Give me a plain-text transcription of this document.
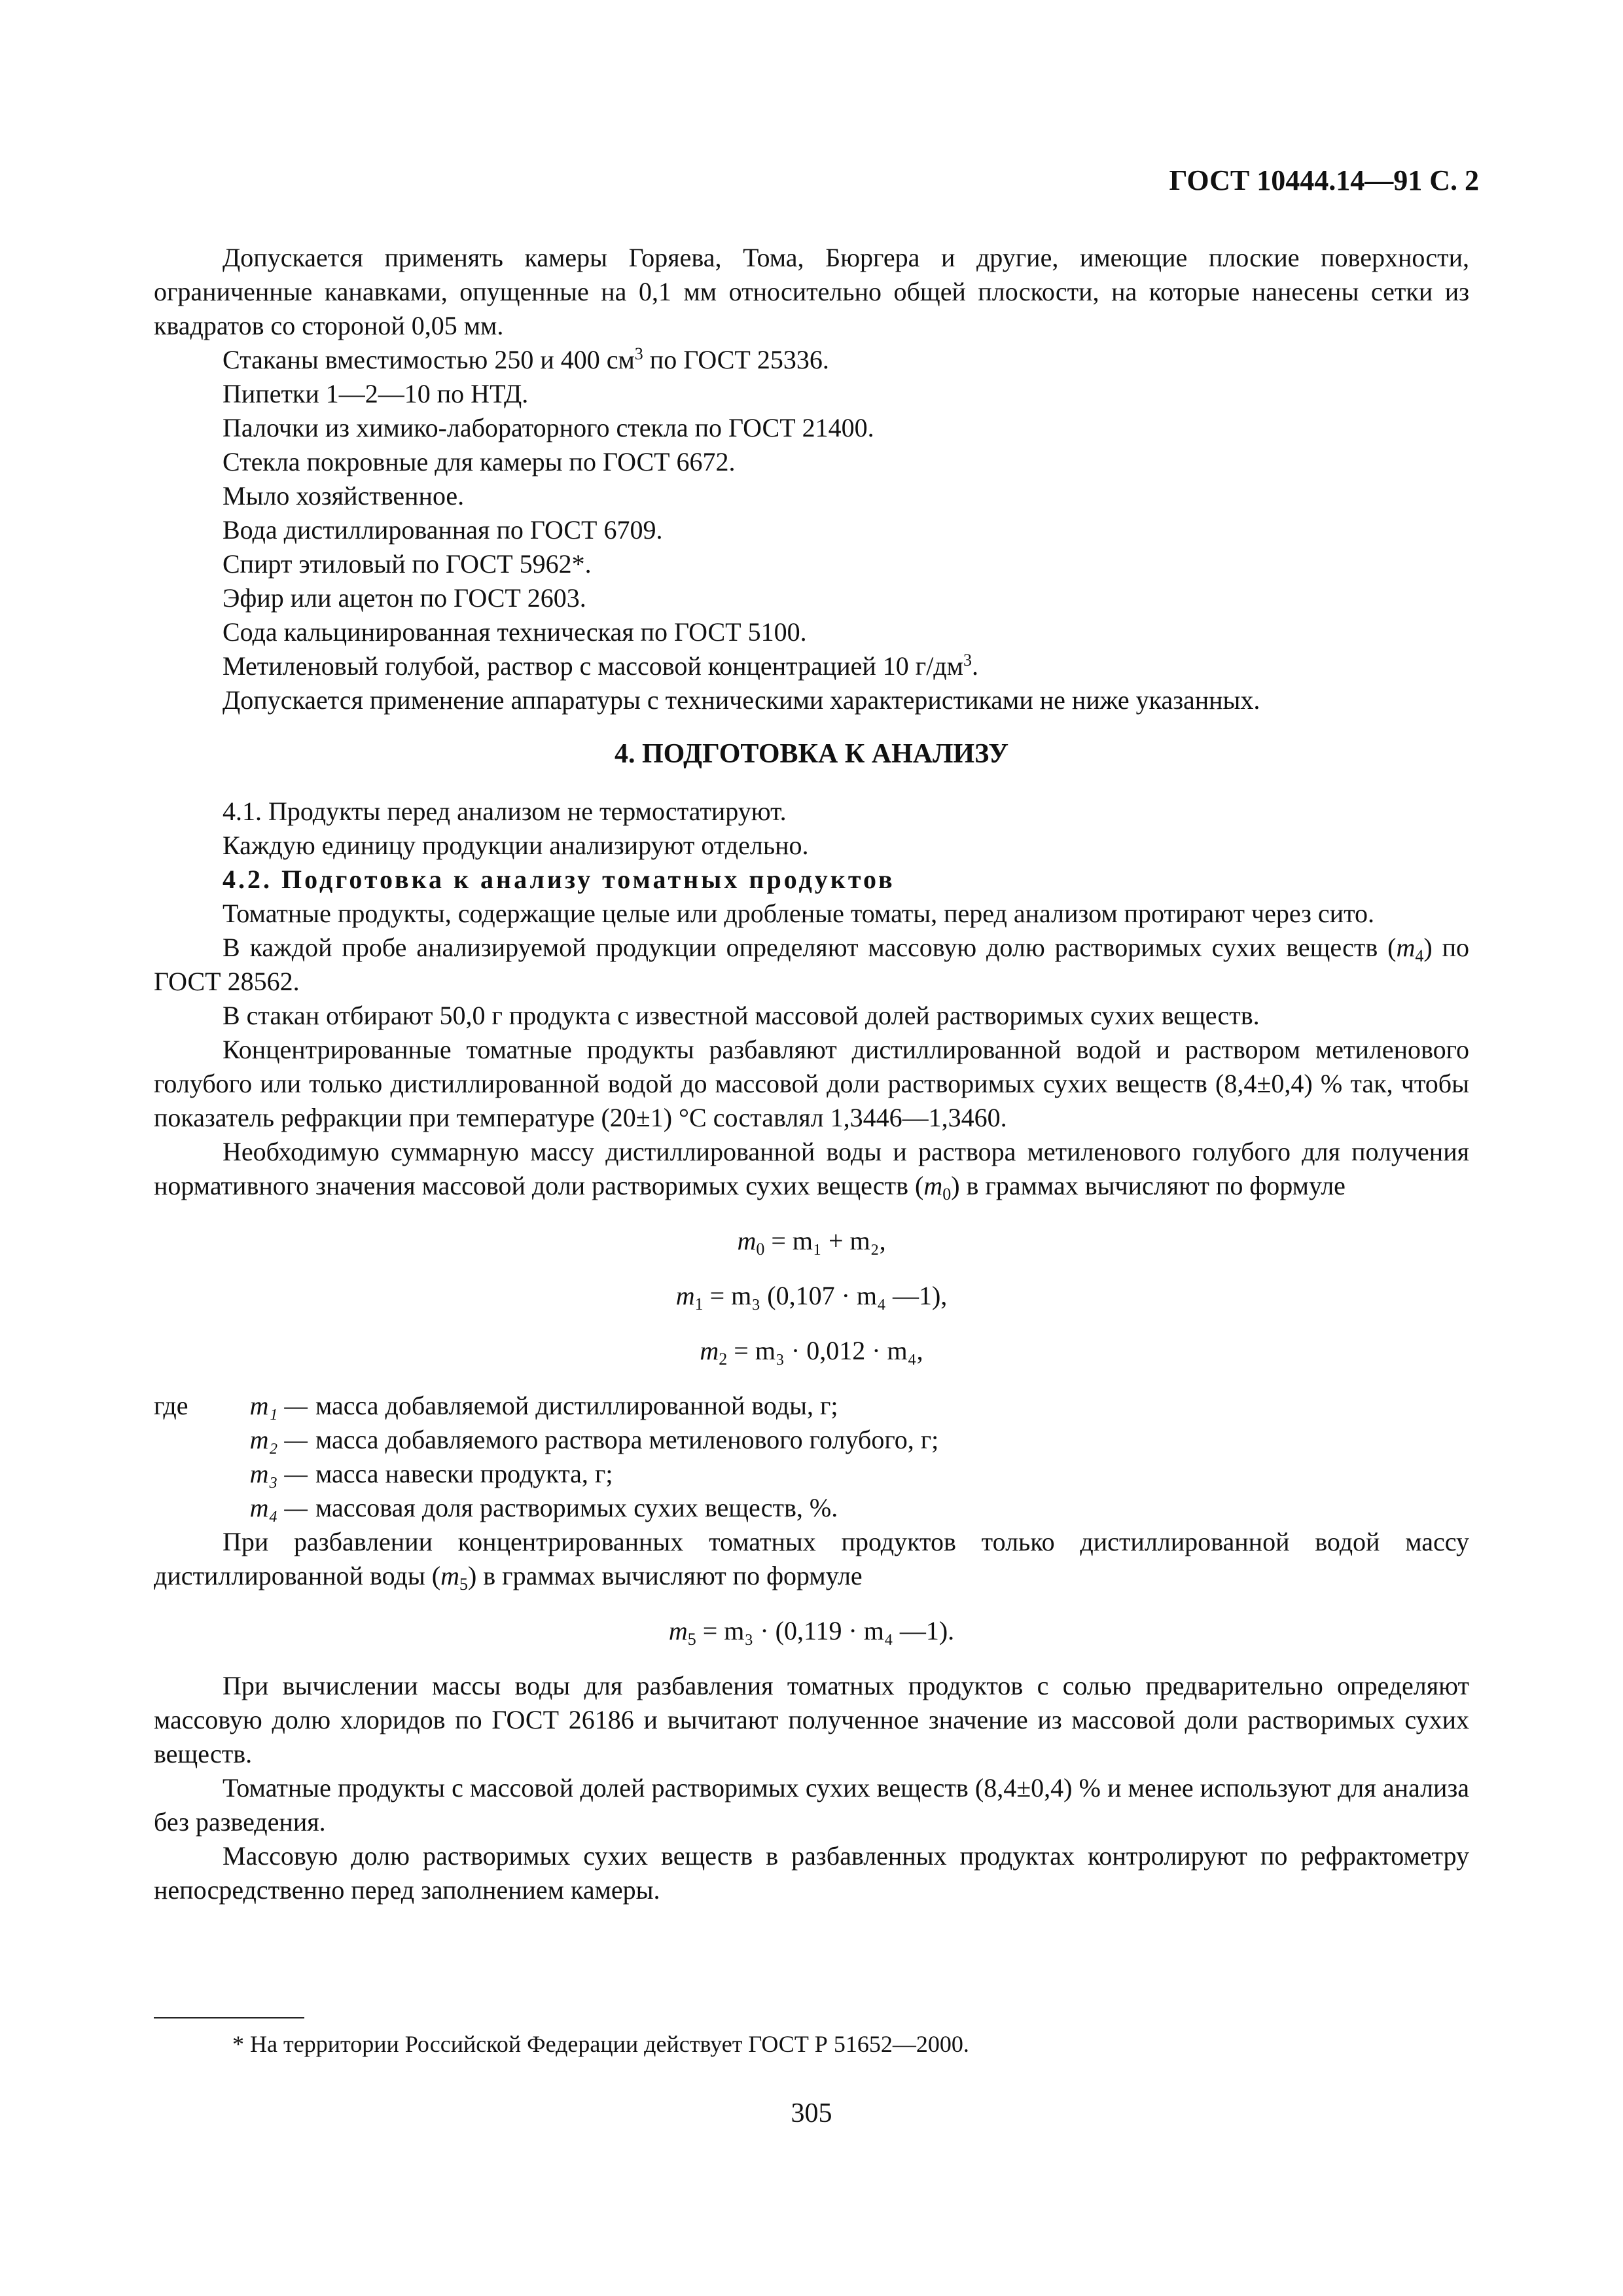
ГОСТ 10444.14—91 С. 2

Допускается применять камеры Горяева, Тома, Бюргера и другие, имеющие плоские поверхности, ограниченные канавками, опущенные на 0,1 мм относительно общей плоскости, на которые нанесены сетки из квадратов со стороной 0,05 мм.

Стаканы вместимостью 250 и 400 $см^3$ по ГОСТ 25336.

Пипетки 1—2—10 по НТД.

Палочки из химико-лабораторного стекла по ГОСТ 21400.

Стекла покровные для камеры по ГОСТ 6672.

Мыло хозяйственное.

Вода дистиллированная по ГОСТ 6709.

Спирт этиловый по ГОСТ 5962*.

Эфир или ацетон по ГОСТ 2603.

Сода кальцинированная техническая по ГОСТ 5100.

Метиленовый голубой, раствор с массовой концентрацией 10 $г/дм^3$.

Допускается применение аппаратуры с техническими характеристиками не ниже указанных.

4. ПОДГОТОВКА К АНАЛИЗУ

4.1. Продукты перед анализом не термостатируют.

Каждую единицу продукции анализируют отдельно.

4.2. Подготовка к анализу томатных продуктов

Томатные продукты, содержащие целые или дробленые томаты, перед анализом протирают через сито.

В каждой пробе анализируемой продукции определяют массовую долю растворимых сухих веществ $(m_4)$ по ГОСТ 28562.

В стакан отбирают 50,0 г продукта с известной массовой долей растворимых сухих веществ.

Концентрированные томатные продукты разбавляют дистиллированной водой и раствором метиленового голубого или только дистиллированной водой до массовой доли растворимых сухих веществ (8,4±0,4) % так, чтобы показатель рефракции при температуре (20±1) °С составлял 1,3446—1,3460.

Необходимую суммарную массу дистиллированной воды и раствора метиленового голубого для получения нормативного значения массовой доли растворимых сухих веществ $(m_0)$ в граммах вычисляют по формуле

$m_0 = m_1 + m_2$,

$m_1 = m_3$ (0,107 · m₄ —1),

$m_2 = m_3 \cdot 0,012 \cdot m_4$,

где	m₁ — масса добавляемой дистиллированной воды, г;
m₂ — масса добавляемого раствора метиленового голубого, г;
m₃ — масса навески продукта, г;
m₄ — массовая доля растворимых сухих веществ, %.

При разбавлении концентрированных томатных продуктов только дистиллированной водой массу дистиллированной воды $(m_5)$ в граммах вычисляют по формуле

$m_5 = m_3 \cdot (0,119 \cdot m_4$ —1).

При вычислении массы воды для разбавления томатных продуктов с солью предварительно определяют массовую долю хлоридов по ГОСТ 26186 и вычитают полученное значение из массовой доли растворимых сухих веществ.

Томатные продукты с массовой долей растворимых сухих веществ (8,4±0,4) % и менее используют для анализа без разведения.

Массовую долю растворимых сухих веществ в разбавленных продуктах контролируют по рефрактометру непосредственно перед заполнением камеры.

* На территории Российской Федерации действует ГОСТ Р 51652—2000.
305
